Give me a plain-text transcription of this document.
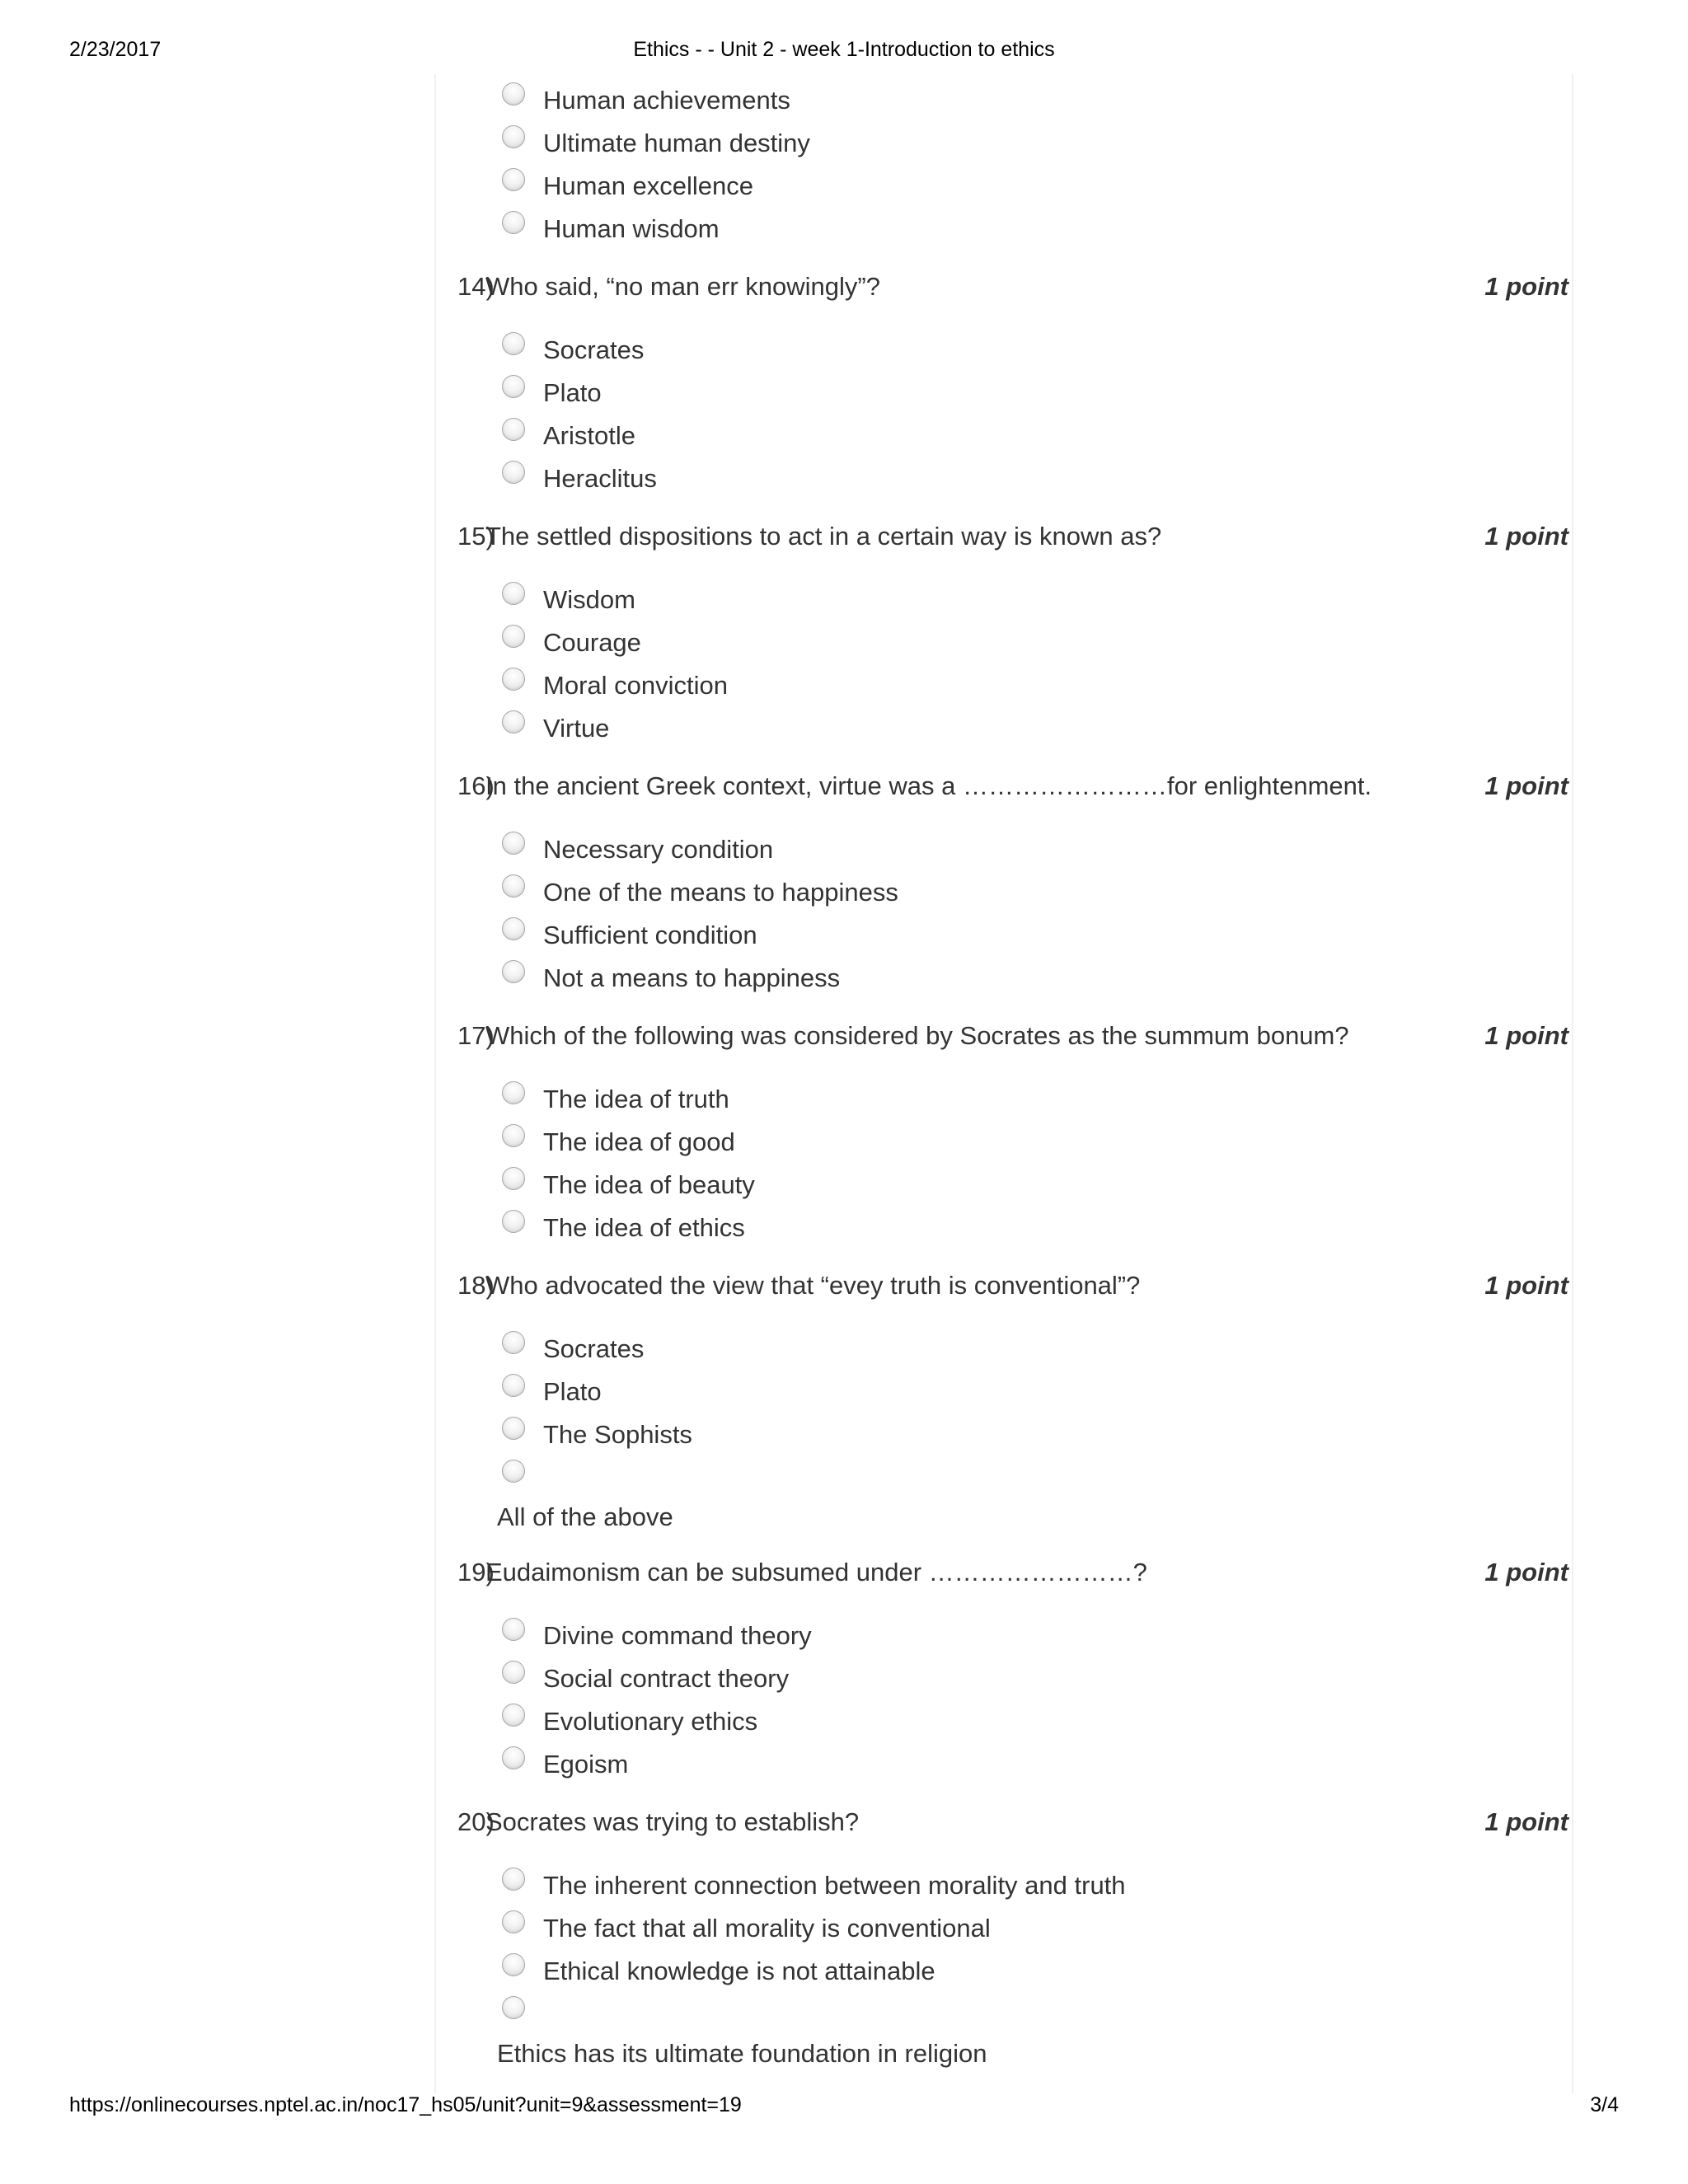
2/23/2017	Ethics - - Unit 2 - week 1-Introduction to ethics
Human achievements
Ultimate human destiny
Human excellence
Human wisdom
14)
Who said, “no man err knowingly”?	1 point
Socrates
Plato
Aristotle
Heraclitus
15)
The settled dispositions to act in a certain way is known as?	1 point
Wisdom
Courage
Moral conviction
Virtue
16)
In the ancient Greek context, virtue was a ……………………for enlightenment.	1 point
Necessary condition
One of the means to happiness
Sufficient condition
Not a means to happiness
17)
Which of the following was considered by Socrates as the summum bonum?	1 point
The idea of truth
The idea of good
The idea of beauty
The idea of ethics
18)
Who advocated the view that “evey truth is conventional”?	1 point
Socrates
Plato
The Sophists
All of the above
19)
Eudaimonism can be subsumed under ……………………?	1 point
Divine command theory
Social contract theory
Evolutionary ethics
Egoism
20)
Socrates was trying to establish?	1 point
The inherent connection between morality and truth
The fact that all morality is conventional
Ethical knowledge is not attainable
Ethics has its ultimate foundation in religion
https://onlinecourses.nptel.ac.in/noc17_hs05/unit?unit=9&assessment=19	3/4
